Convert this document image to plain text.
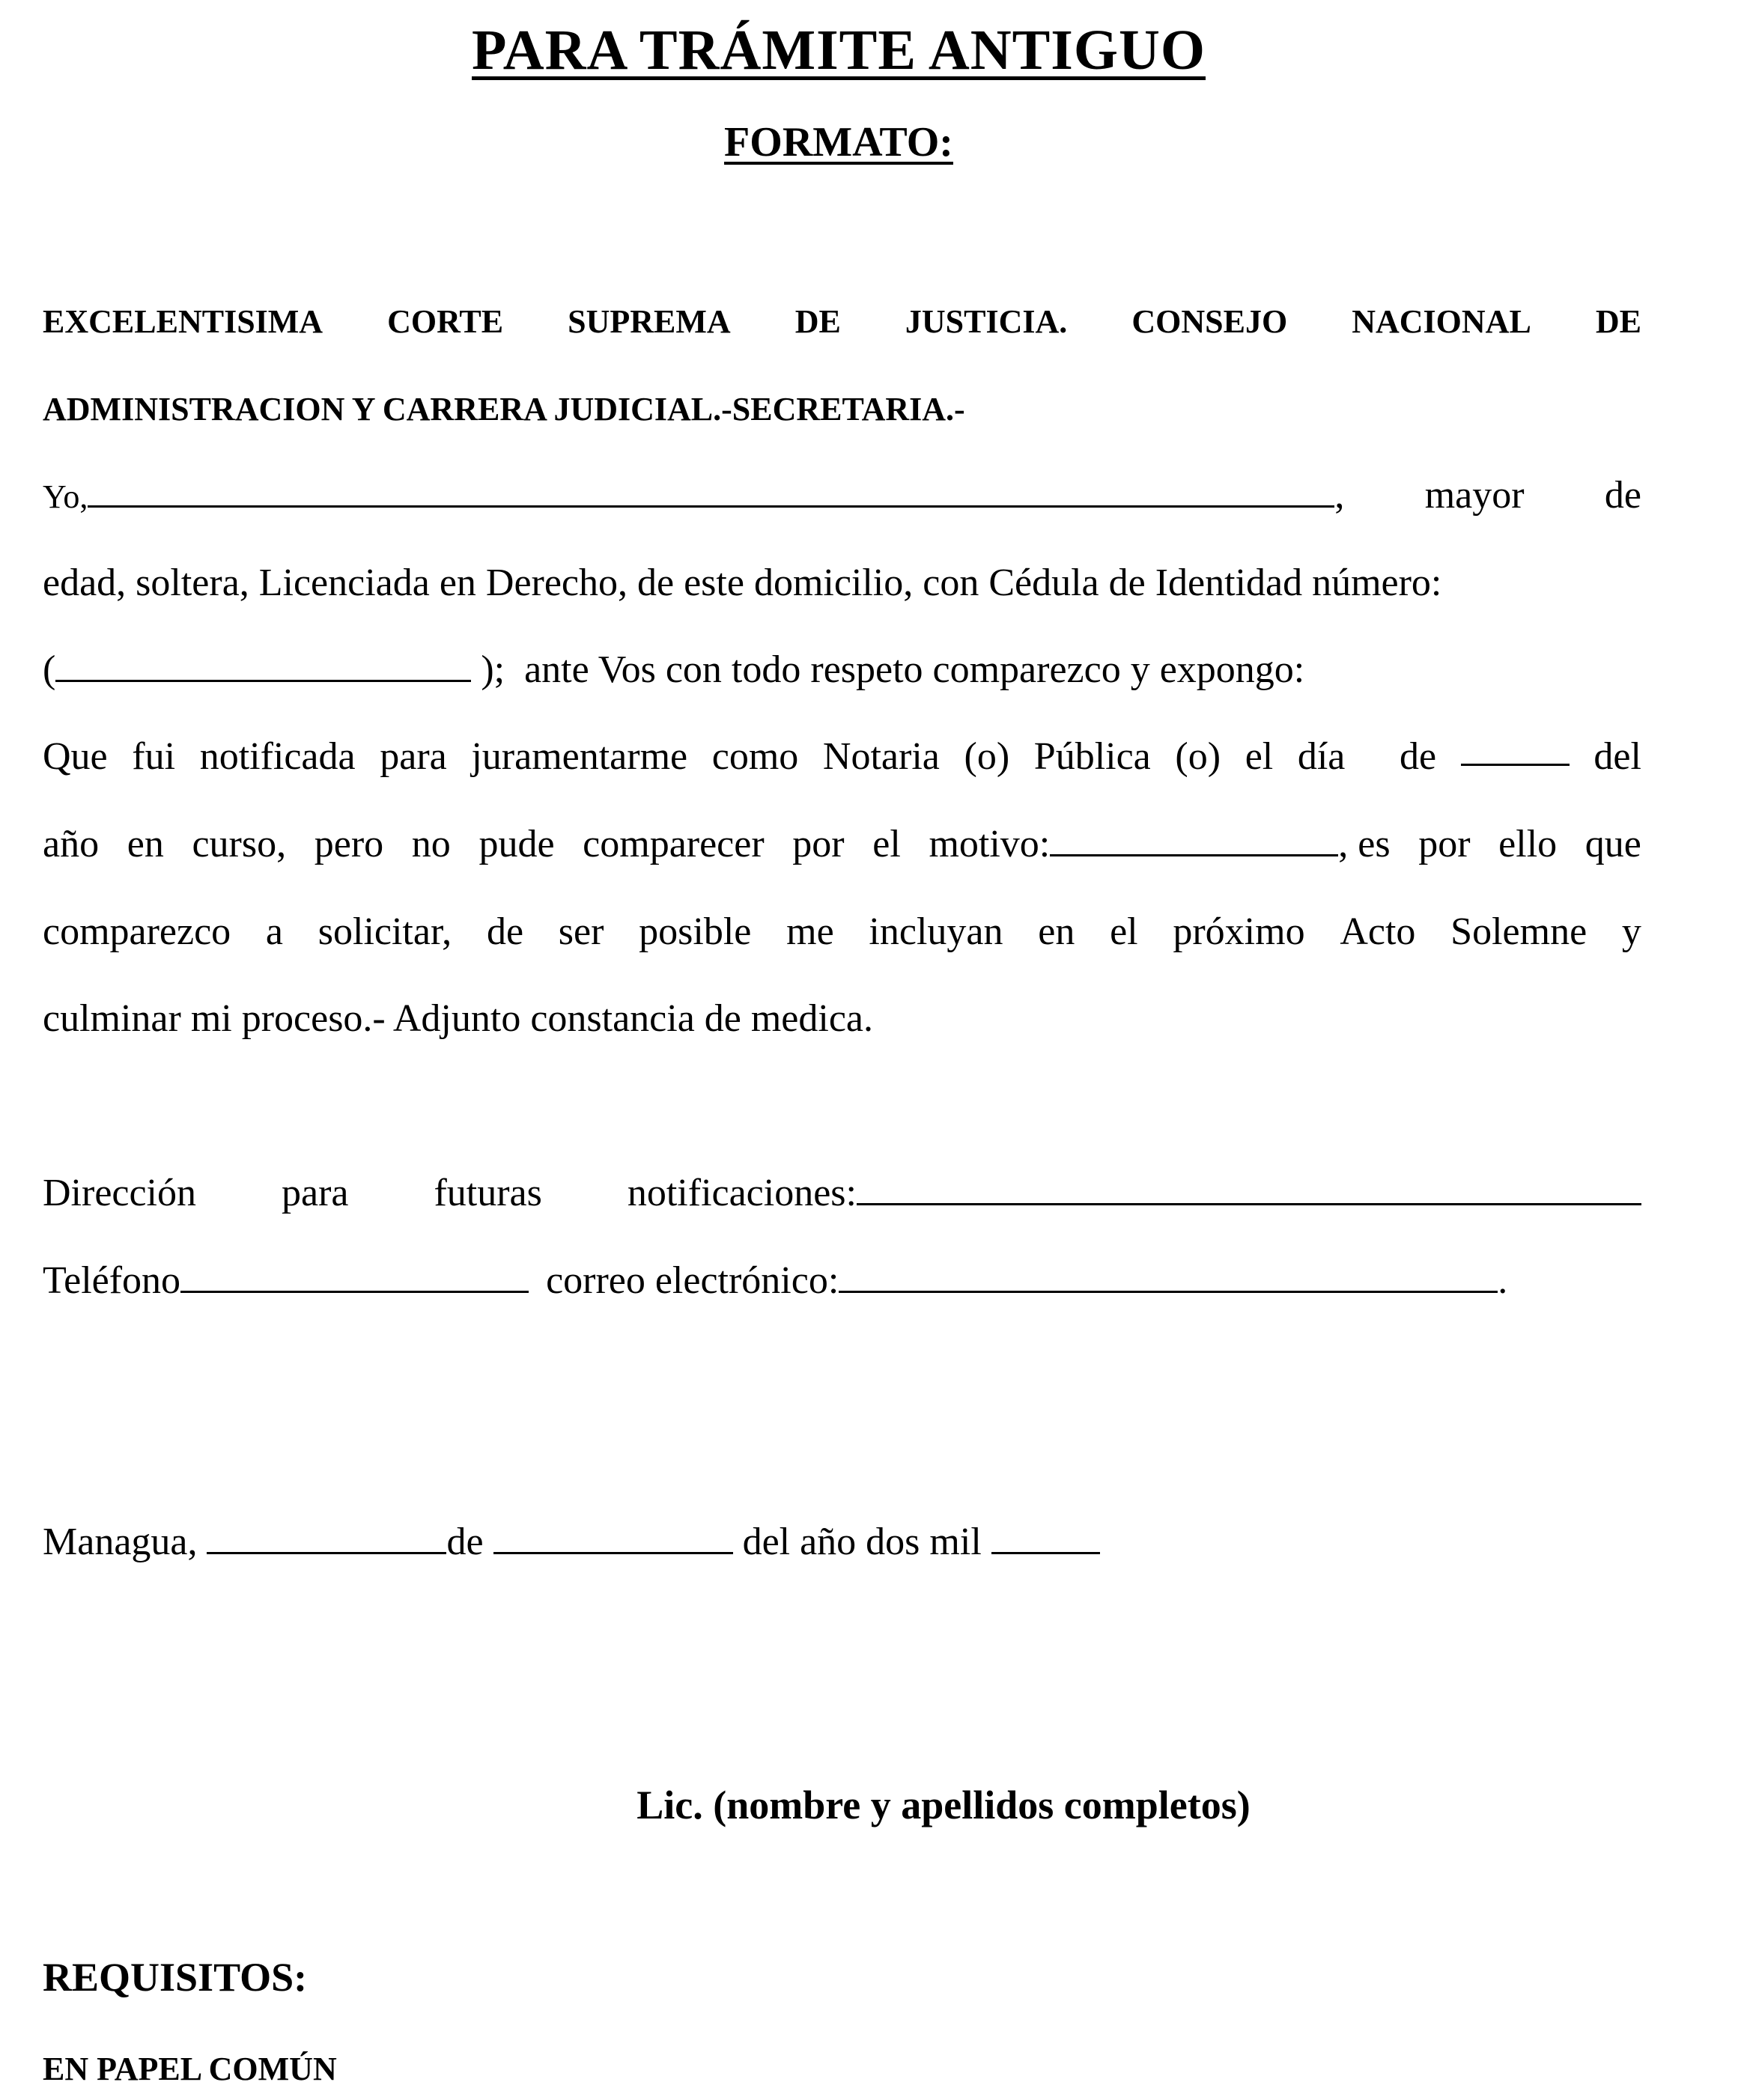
PARA TRÁMITE ANTIGUO
FORMATO:
EXCELENTISIMA CORTE SUPREMA DE JUSTICIA. CONSEJO NACIONAL DE
ADMINISTRACION Y CARRERA JUDICIAL.-SECRETARIA.-
Yo,	, mayor de
edad, soltera, Licenciada en Derecho, de este domicilio, con Cédula de Identidad número:
(	);  ante Vos con todo respeto comparezco y expongo:
Que fui notificada para juramentarme como Notaria (o) Pública (o) el día	de	del
año en curso, pero no pude comparecer por el motivo:	, es por ello que
comparezco a solicitar, de ser posible me incluyan en el próximo Acto Solemne y
culminar mi proceso.- Adjunto constancia de medica.
Dirección para futuras notificaciones:
Teléfono	correo electrónico:	.
Managua,	de	del año dos mil
Lic. (nombre y apellidos completos)
REQUISITOS:
EN PAPEL COMÚN
